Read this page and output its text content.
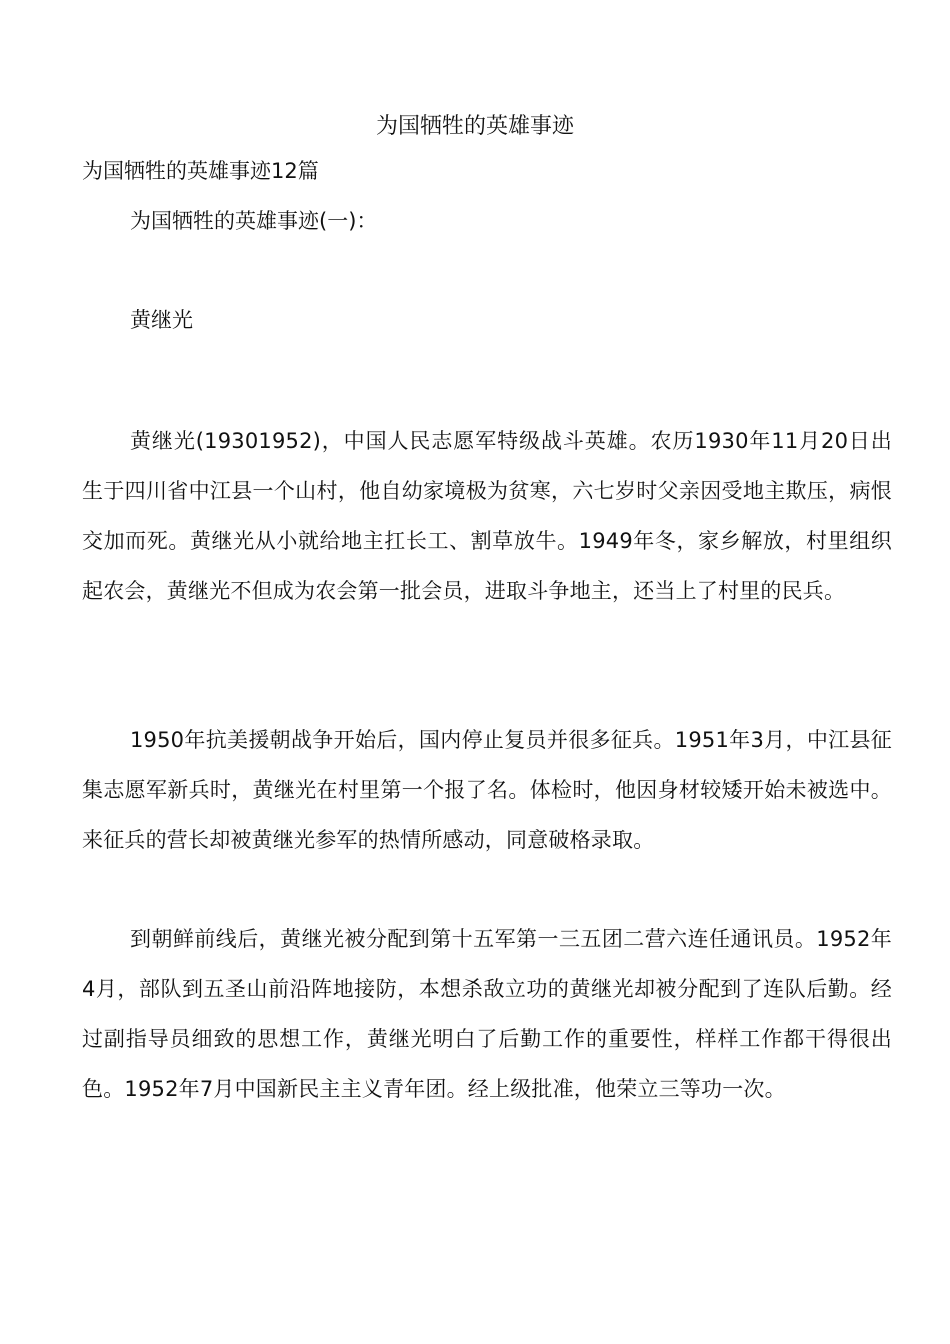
为国牺牲的英雄事迹
为国牺牲的英雄事迹12篇
为国牺牲的英雄事迹(一)：
黄继光

黄继光(19301952)，中国人民志愿军特级战斗英雄。农历1930年11月20日出生于四川省中江县一个山村，他自幼家境极为贫寒，六七岁时父亲因受地主欺压，病恨交加而死。黄继光从小就给地主扛长工、割草放牛。1949年冬，家乡解放，村里组织起农会，黄继光不但成为农会第一批会员，进取斗争地主，还当上了村里的民兵。

1950年抗美援朝战争开始后，国内停止复员并很多征兵。1951年3月，中江县征集志愿军新兵时，黄继光在村里第一个报了名。体检时，他因身材较矮开始未被选中。来征兵的营长却被黄继光参军的热情所感动，同意破格录取。

到朝鲜前线后，黄继光被分配到第十五军第一三五团二营六连任通讯员。1952年4月，部队到五圣山前沿阵地接防，本想杀敌立功的黄继光却被分配到了连队后勤。经过副指导员细致的思想工作，黄继光明白了后勤工作的重要性，样样工作都干得很出色。1952年7月中国新民主主义青年团。经上级批准，他荣立三等功一次。
